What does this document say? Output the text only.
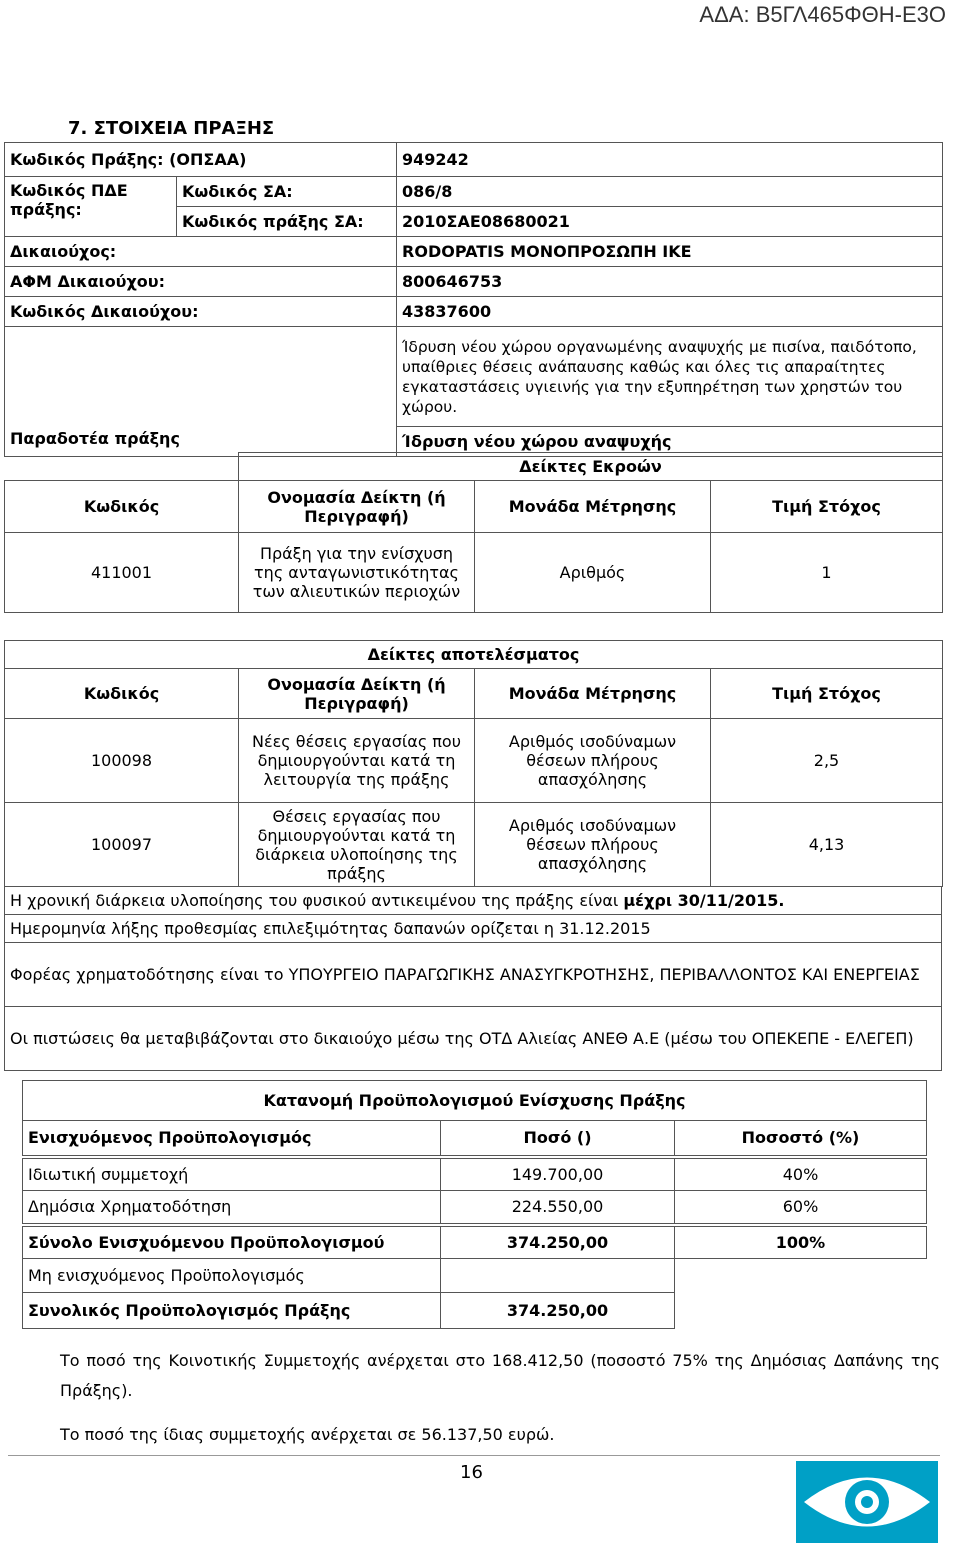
ΑΔΑ: Β5ΓΛ465ΦΘΗ-Ε3Ο
7. ΣΤΟΙΧΕΙΑ ΠΡΑΞΗΣ
Κωδικός Πράξης: (ΟΠΣΑΑ)		949242
Κωδικός ΠΔΕ πράξης:	Κωδικός ΣΑ:	086/8
	Κωδικός πράξης ΣΑ:	2010ΣΑΕ08680021
Δικαιούχος:		RODOPATIS ΜΟΝΟΠΡΟΣΩΠΗ ΙΚΕ
ΑΦΜ Δικαιούχου:		800646753
Κωδικός Δικαιούχου:		43837600
Παραδοτέα πράξης		Ίδρυση νέου χώρου οργανωμένης αναψυχής με πισίνα, παιδότοπο, υπαίθριες θέσεις ανάπαυσης καθώς και όλες τις απαραίτητες εγκαταστάσεις υγιεινής για την εξυπηρέτηση των χρηστών του χώρου.
		Ίδρυση νέου χώρου αναψυχής
	Δείκτες Εκροών		
Κωδικός	Ονομασία Δείκτη (ή Περιγραφή)	Μονάδα Μέτρησης	Τιμή Στόχος
411001	Πράξη για την ενίσχυση της ανταγωνιστικότητας των αλιευτικών περιοχών	Αριθμός	1
Δείκτες αποτελέσματος			
Κωδικός	Ονομασία Δείκτη (ή Περιγραφή)	Μονάδα Μέτρησης	Τιμή Στόχος
100098	Νέες θέσεις εργασίας που δημιουργούνται κατά τη λειτουργία της πράξης	Αριθμός ισοδύναμων θέσεων πλήρους απασχόλησης	2,5
100097	Θέσεις εργασίας που δημιουργούνται κατά τη διάρκεια υλοποίησης της πράξης	Αριθμός ισοδύναμων θέσεων πλήρους απασχόλησης	4,13
Η χρονική διάρκεια υλοποίησης του φυσικού αντικειμένου της πράξης είναι μέχρι 30/11/2015.
Ημερομηνία λήξης προθεσμίας επιλεξιμότητας δαπανών ορίζεται η 31.12.2015
Φορέας χρηματοδότησης είναι το ΥΠΟΥΡΓΕΙΟ ΠΑΡΑΓΩΓΙΚΗΣ ΑΝΑΣΥΓΚΡΟΤΗΣΗΣ, ΠΕΡΙΒΑΛΛΟΝΤΟΣ ΚΑΙ ΕΝΕΡΓΕΙΑΣ
Οι πιστώσεις θα μεταβιβάζονται στο δικαιούχο μέσω της ΟΤΔ Αλιείας ΑΝΕΘ Α.Ε (μέσω του ΟΠΕΚΕΠΕ - ΕΛΕΓΕΠ)
Κατανομή Προϋπολογισμού Ενίσχυσης Πράξης		
Ενισχυόμενος Προϋπολογισμός	Ποσό ()	Ποσοστό (%)
Ιδιωτική συμμετοχή	149.700,00	40%
Δημόσια Χρηματοδότηση	224.550,00	60%
Σύνολο Ενισχυόμενου Προϋπολογισμού	374.250,00	100%
Μη ενισχυόμενος Προϋπολογισμός		
Συνολικός Προϋπολογισμός Πράξης	374.250,00	
Το ποσό της Κοινοτικής Συμμετοχής ανέρχεται στο 168.412,50 (ποσοστό 75% της Δημόσιας Δαπάνης της Πράξης).
Το ποσό της ίδιας συμμετοχής ανέρχεται σε 56.137,50 ευρώ.
16
